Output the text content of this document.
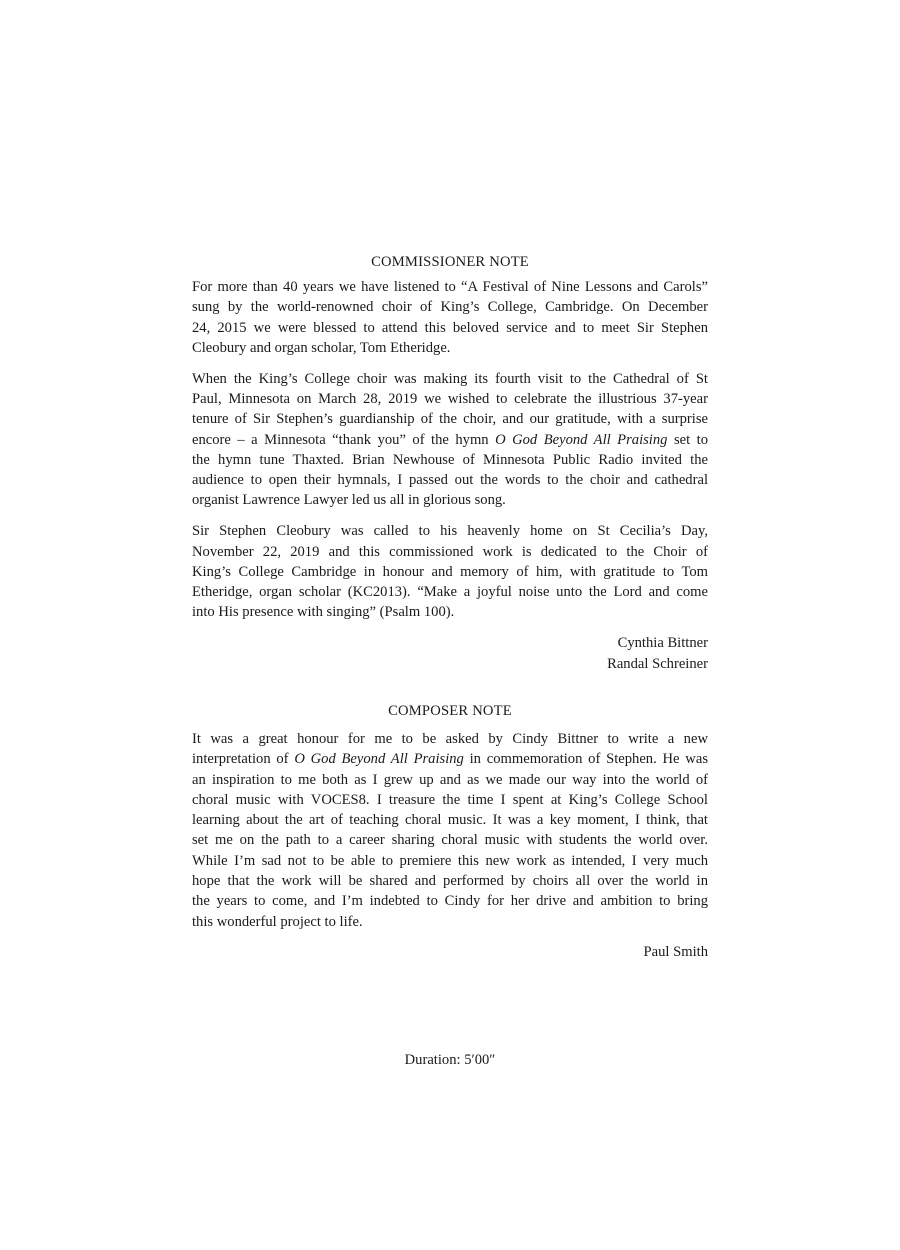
COMMISSIONER NOTE
For more than 40 years we have listened to “A Festival of Nine Lessons and Carols”
sung by the world-renowned choir of King’s College, Cambridge. On December
24, 2015 we were blessed to attend this beloved service and to meet Sir Stephen
Cleobury and organ scholar, Tom Etheridge.
When the King’s College choir was making its fourth visit to the Cathedral of St
Paul, Minnesota on March 28, 2019 we wished to celebrate the illustrious 37-year
tenure of Sir Stephen’s guardianship of the choir, and our gratitude, with a surprise
encore – a Minnesota “thank you” of the hymn O God Beyond All Praising set to
the hymn tune Thaxted. Brian Newhouse of Minnesota Public Radio invited the
audience to open their hymnals, I passed out the words to the choir and cathedral
organist Lawrence Lawyer led us all in glorious song.
Sir Stephen Cleobury was called to his heavenly home on St Cecilia’s Day,
November 22, 2019 and this commissioned work is dedicated to the Choir of
King’s College Cambridge in honour and memory of him, with gratitude to Tom
Etheridge, organ scholar (KC2013). “Make a joyful noise unto the Lord and come
into His presence with singing” (Psalm 100).
Cynthia Bittner
Randal Schreiner
COMPOSER NOTE
It was a great honour for me to be asked by Cindy Bittner to write a new
interpretation of O God Beyond All Praising in commemoration of Stephen. He was
an inspiration to me both as I grew up and as we made our way into the world of
choral music with VOCES8. I treasure the time I spent at King’s College School
learning about the art of teaching choral music. It was a key moment, I think, that
set me on the path to a career sharing choral music with students the world over.
While I’m sad not to be able to premiere this new work as intended, I very much
hope that the work will be shared and performed by choirs all over the world in
the years to come, and I’m indebted to Cindy for her drive and ambition to bring
this wonderful project to life.
Paul Smith
Duration: 5′00″
